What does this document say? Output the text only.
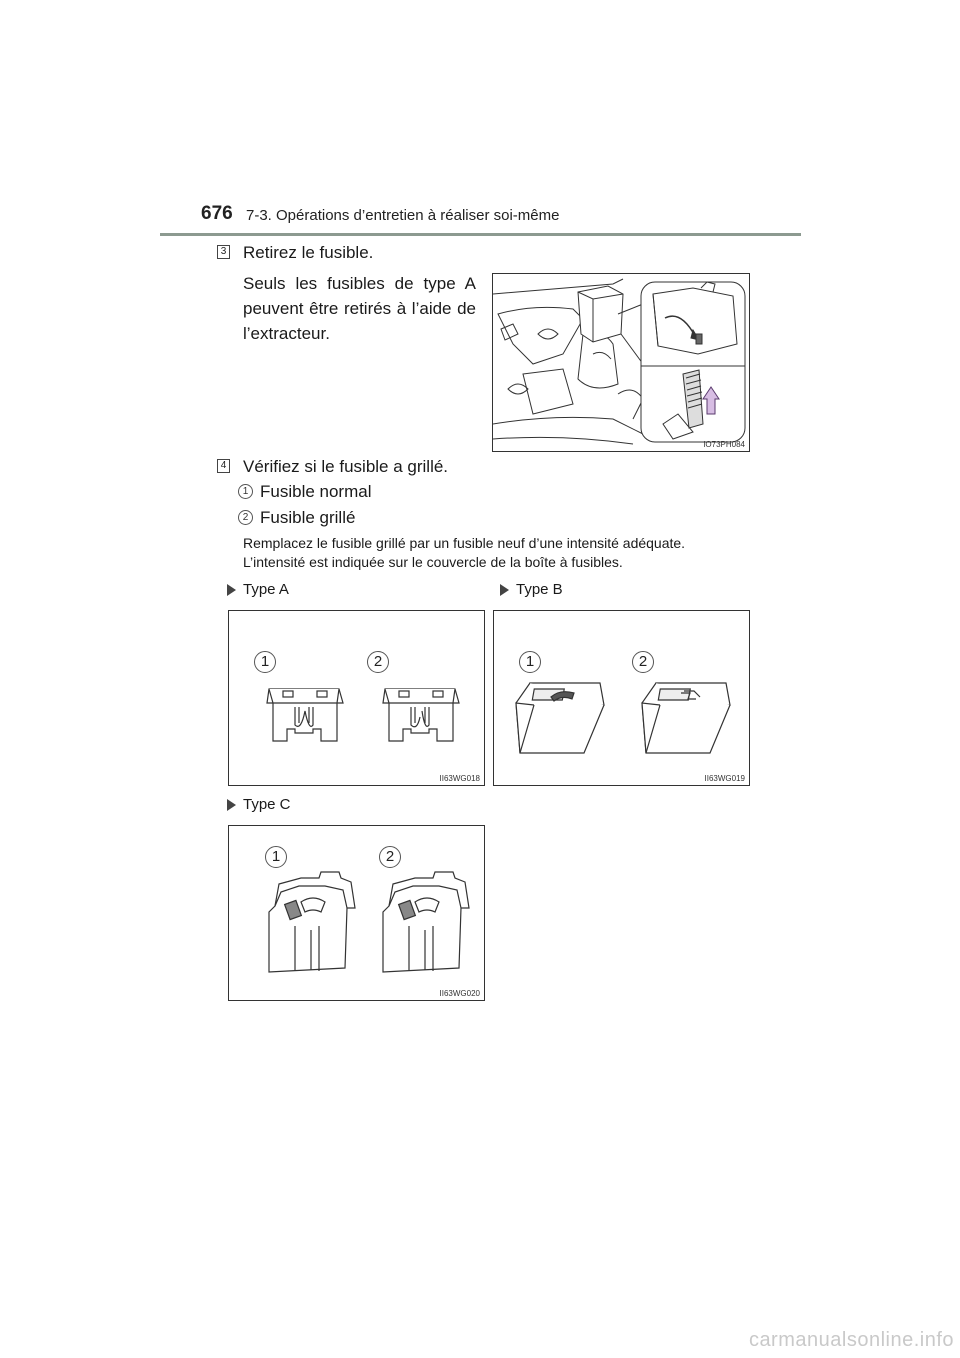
676 7-3. Opérations d’entretien à réaliser soi-même
3 Retirez le fusible.
Seuls les fusibles de type A
peuvent être retirés à l’aide de
l’extracteur.
IO73PH084
4 Vérifiez si le fusible a grillé.
1 Fusible normal
2 Fusible grillé
Remplacez le fusible grillé par un fusible neuf d’une intensité adéquate.
L’intensité est indiquée sur le couvercle de la boîte à fusibles.
Type A	Type B
1	2
II63WG018
1	2
II63WG019
Type C
1	2
II63WG020
carmanualsonline.info
